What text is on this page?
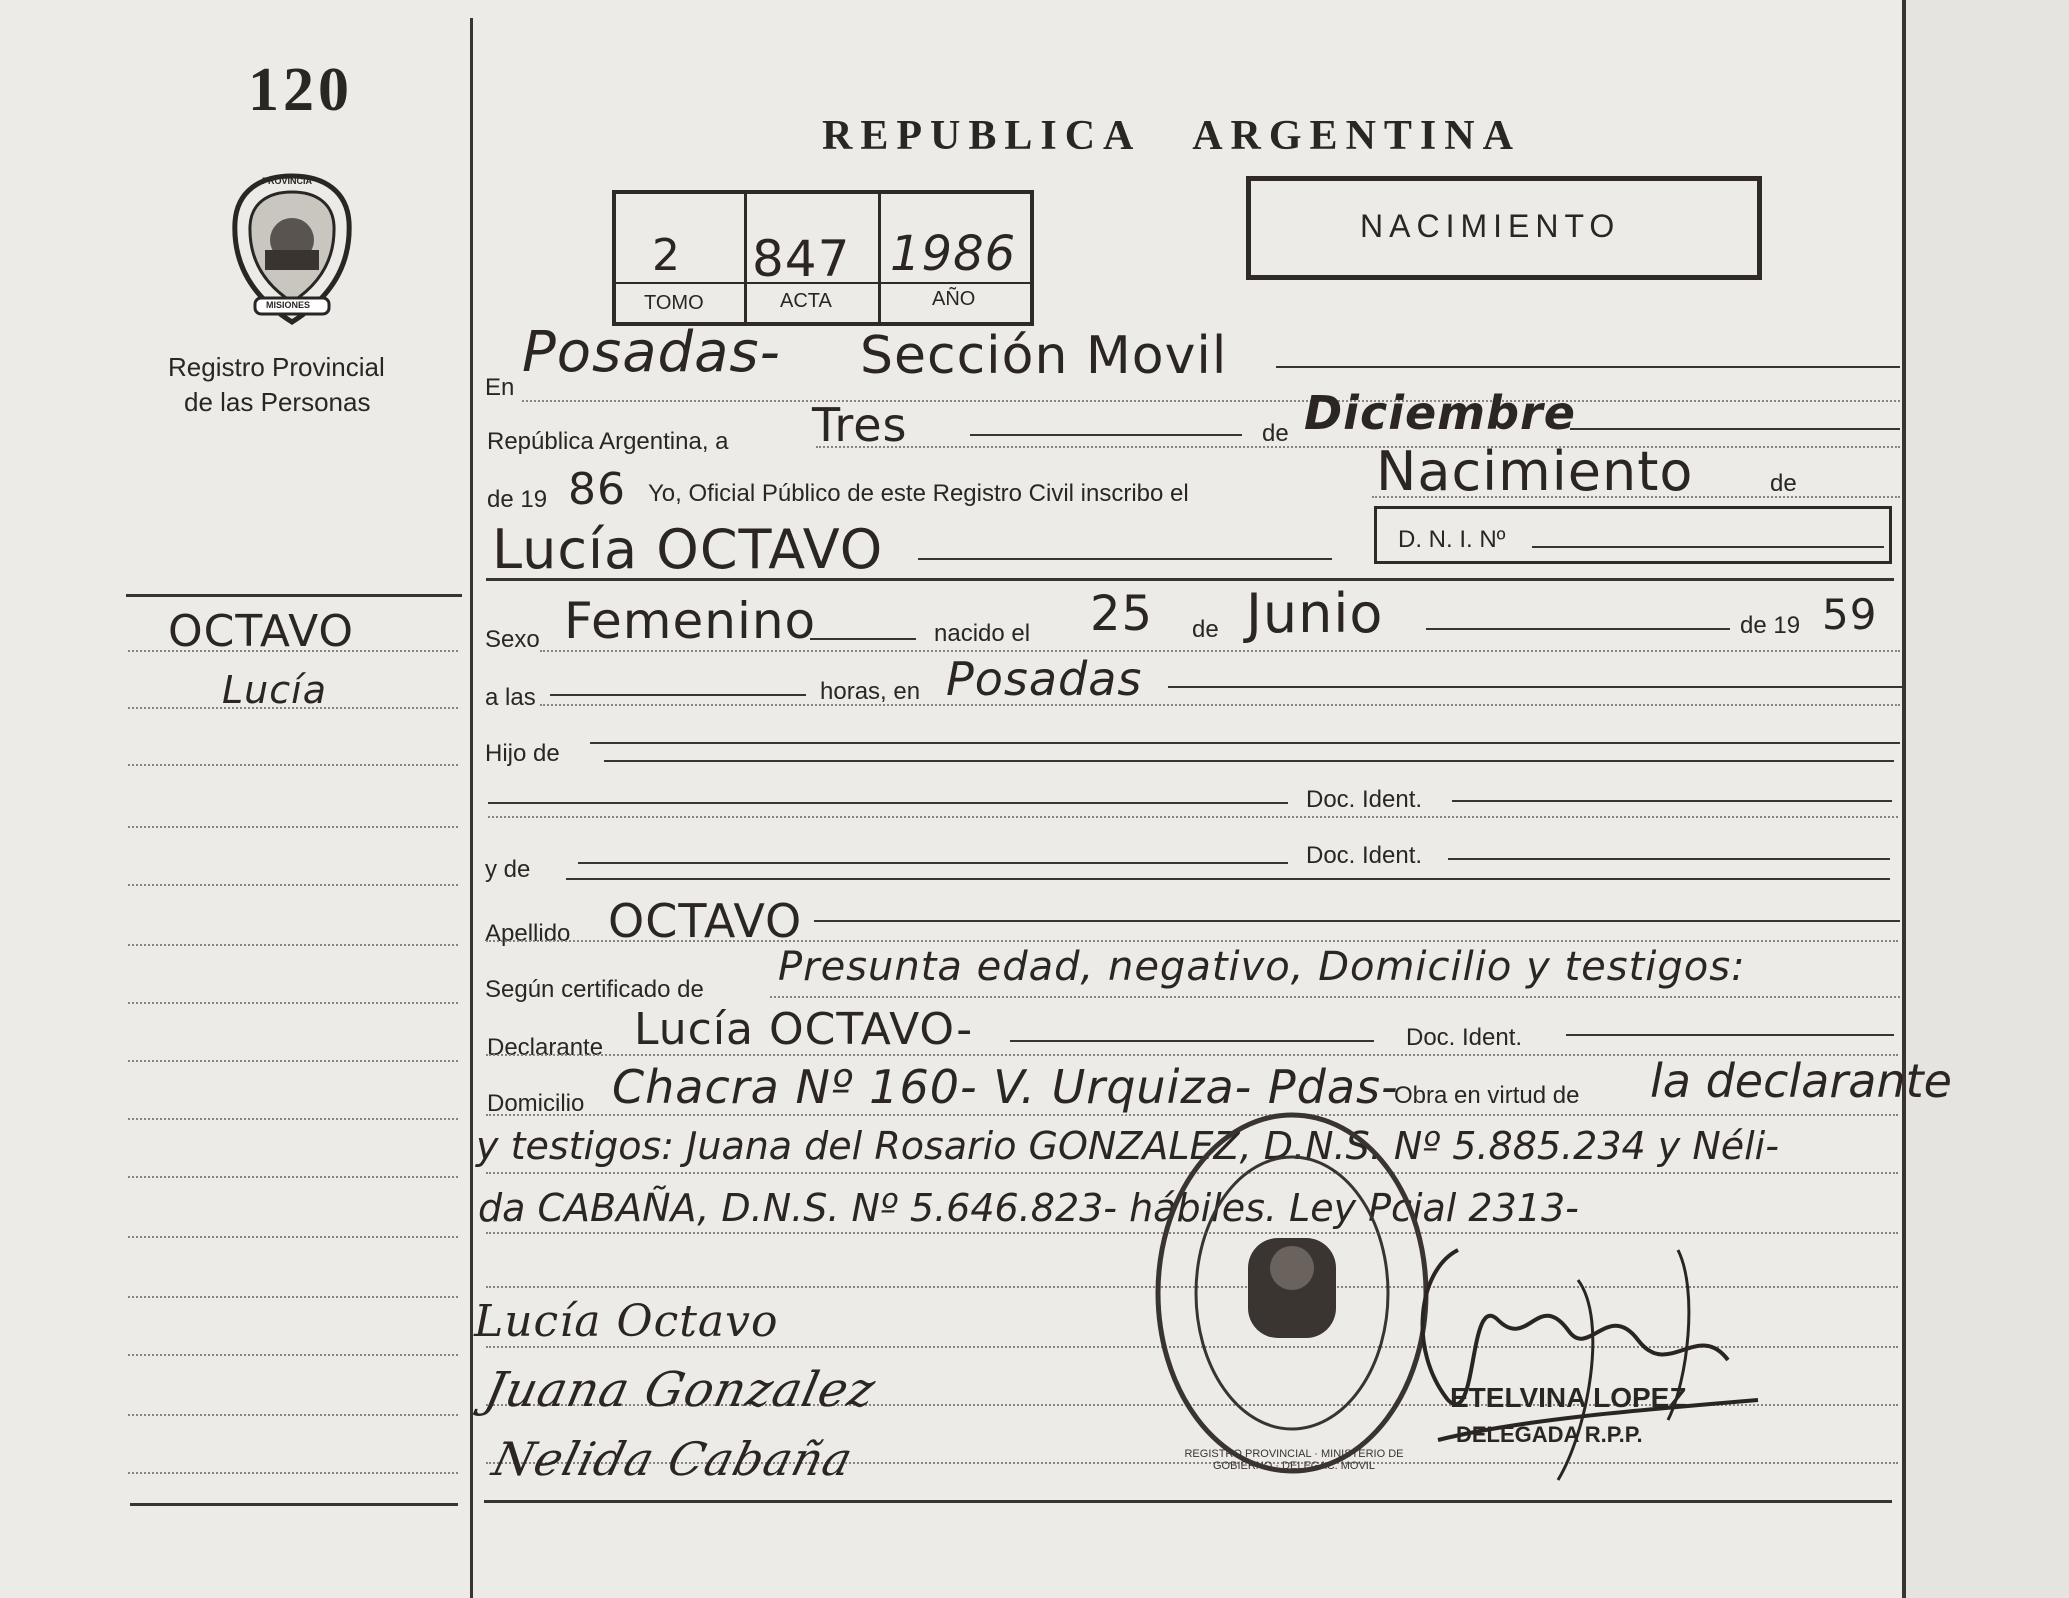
120
PROVINCIA
MISIONES
Registro Provincial
de las Personas
OCTAVO
Lucía
REPUBLICA   ARGENTINA
2 847 1986
TOMO	ACTA	AÑO
NACIMIENTO
En
Posadas- Sección Movil
República Argentina, a Tres	de Diciembre
de 19 86 Yo, Oficial Público de este Registro Civil inscribo el	Nacimiento	de
Lucía OCTAVO	D. N. I. Nº
Sexo Femenino	nacido el 25 de Junio	de 19 59
a las	horas, en Posadas
Hijo de
Doc. Ident.
y de
Doc. Ident.
Apellido OCTAVO
Según certificado de Presunta edad, negativo, Domicilio y testigos:
Declarante Lucía OCTAVO-	Doc. Ident.
Domicilio Chacra Nº 160- V. Urquiza- Pdas-
Obra en virtud de la declarante
y testigos: Juana del Rosario GONZALEZ, D.N.S. Nº 5.885.234 y Néli-
da CABAÑA, D.N.S. Nº 5.646.823- hábiles. Ley Pcial 2313-
Lucía Octavo
Juana Gonzalez
Nelida Cabaña	REGISTRO PROVINCIAL · MINISTERIO DE GOBIERNO · DELEGAC. MOVIL
ETELVINA LOPEZ
DELEGADA R.P.P.
